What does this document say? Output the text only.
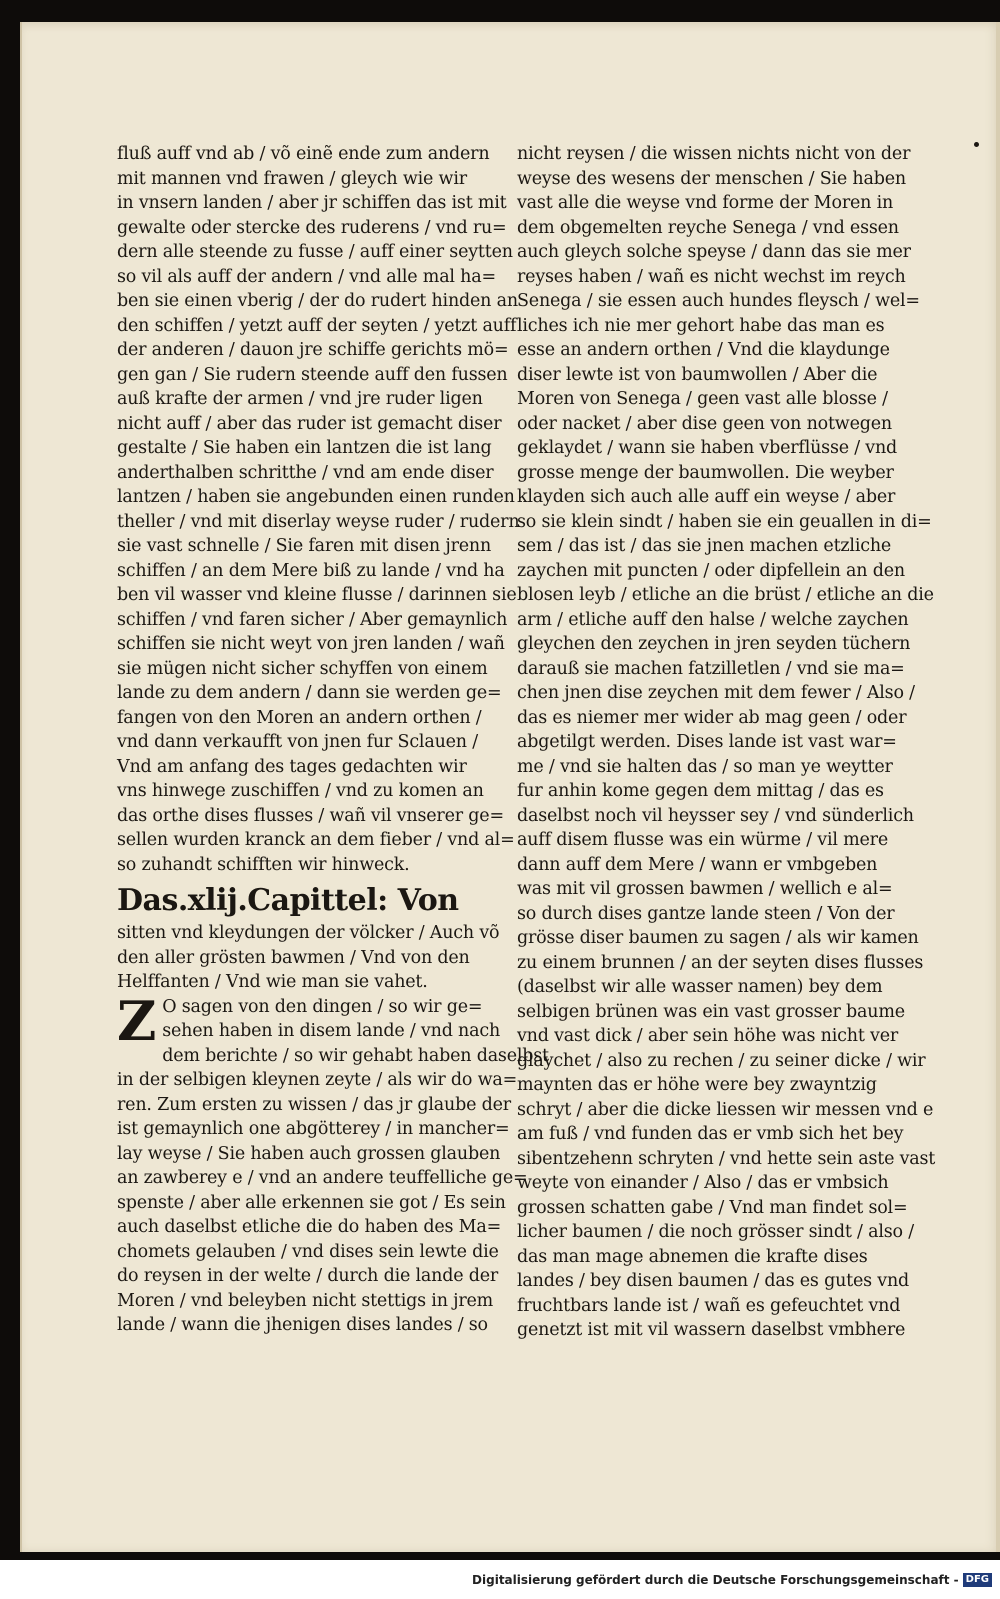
fluß auff vnd ab / võ einẽ ende zum andern
mit mannen vnd frawen / gleych wie wir
in vnsern landen / aber jr schiffen das ist mit
gewalte oder stercke des ruderens / vnd ru=
dern alle steende zu fusse / auff einer seytten
so vil als auff der andern / vnd alle mal ha=
ben sie einen vberig / der do rudert hinden an
den schiffen / yetzt auff der seyten / yetzt auff
der anderen / dauon jre schiffe gerichts mö=
gen gan / Sie rudern steende auff den fussen
auß krafte der armen / vnd jre ruder ligen
nicht auff / aber das ruder ist gemacht diser
gestalte / Sie haben ein lantzen die ist lang
anderthalben schritthe / vnd am ende diser
lantzen / haben sie angebunden einen runden
theller / vnd mit diserlay weyse ruder / rudern
sie vast schnelle / Sie faren mit disen jrenn
schiffen / an dem Mere biß zu lande / vnd ha
ben vil wasser vnd kleine flusse / darinnen sie
schiffen / vnd faren sicher / Aber gemaynlich
schiffen sie nicht weyt von jren landen / wañ
sie mügen nicht sicher schyffen von einem
lande zu dem andern / dann sie werden ge=
fangen von den Moren an andern orthen /
vnd dann verkaufft von jnen fur Sclauen /
Vnd am anfang des tages gedachten wir
vns hinwege zuschiffen / vnd zu komen an
das orthe dises flusses / wañ vil vnserer ge=
sellen wurden kranck an dem fieber / vnd al=
so zuhandt schifften wir hinweck.
Das.xlij.Capittel: Von
sitten vnd kleydungen der völcker / Auch võ
den aller grösten bawmen / Vnd von den
Helffanten / Vnd wie man sie vahet.
Z O sagen von den dingen / so wir ge=
sehen haben in disem lande / vnd nach
dem berichte / so wir gehabt haben daselbst
in der selbigen kleynen zeyte / als wir do wa=
ren. Zum ersten zu wissen / das jr glaube der
ist gemaynlich one abgötterey / in mancher=
lay weyse / Sie haben auch grossen glauben
an zawberey e / vnd an andere teuffelliche ge=
spenste / aber alle erkennen sie got / Es sein
auch daselbst etliche die do haben des Ma=
chomets gelauben / vnd dises sein lewte die
do reysen in der welte / durch die lande der
Moren / vnd beleyben nicht stettigs in jrem
lande / wann die jhenigen dises landes / so
nicht reysen / die wissen nichts nicht von der
weyse des wesens der menschen / Sie haben
vast alle die weyse vnd forme der Moren in
dem obgemelten reyche Senega / vnd essen
auch gleych solche speyse / dann das sie mer
reyses haben / wañ es nicht wechst im reych
Senega / sie essen auch hundes fleysch / wel=
liches ich nie mer gehort habe das man es
esse an andern orthen / Vnd die klaydunge
diser lewte ist von baumwollen / Aber die
Moren von Senega / geen vast alle blosse /
oder nacket / aber dise geen von notwegen
geklaydet / wann sie haben vberflüsse / vnd
grosse menge der baumwollen. Die weyber
klayden sich auch alle auff ein weyse / aber
so sie klein sindt / haben sie ein geuallen in di=
sem / das ist / das sie jnen machen etzliche
zaychen mit puncten / oder dipfellein an den
blosen leyb / etliche an die brüst / etliche an die
arm / etliche auff den halse / welche zaychen
gleychen den zeychen in jren seyden tüchern
darauß sie machen fatzilletlen / vnd sie ma=
chen jnen dise zeychen mit dem fewer / Also /
das es niemer mer wider ab mag geen / oder
abgetilgt werden. Dises lande ist vast war=
me / vnd sie halten das / so man ye weytter
fur anhin kome gegen dem mittag / das es
daselbst noch vil heysser sey / vnd sünderlich
auff disem flusse was ein würme / vil mere
dann auff dem Mere / wann er vmbgeben
was mit vil grossen bawmen / wellich e al=
so durch dises gantze lande steen / Von der
grösse diser baumen zu sagen / als wir kamen
zu einem brunnen / an der seyten dises flusses
(daselbst wir alle wasser namen) bey dem
selbigen brünen was ein vast grosser baume
vnd vast dick / aber sein höhe was nicht ver
glaychet / also zu rechen / zu seiner dicke / wir
maynten das er höhe were bey zwayntzig
schryt / aber die dicke liessen wir messen vnd e
am fuß / vnd funden das er vmb sich het bey
sibentzehenn schryten / vnd hette sein aste vast
weyte von einander / Also / das er vmbsich
grossen schatten gabe / Vnd man findet sol=
licher baumen / die noch grösser sindt / also /
das man mage abnemen die krafte dises
landes / bey disen baumen / das es gutes vnd
fruchtbars lande ist / wañ es gefeuchtet vnd
genetzt ist mit vil wassern daselbst vmbhere
Digitalisierung gefördert durch die Deutsche Forschungsgemeinschaft - DFG
